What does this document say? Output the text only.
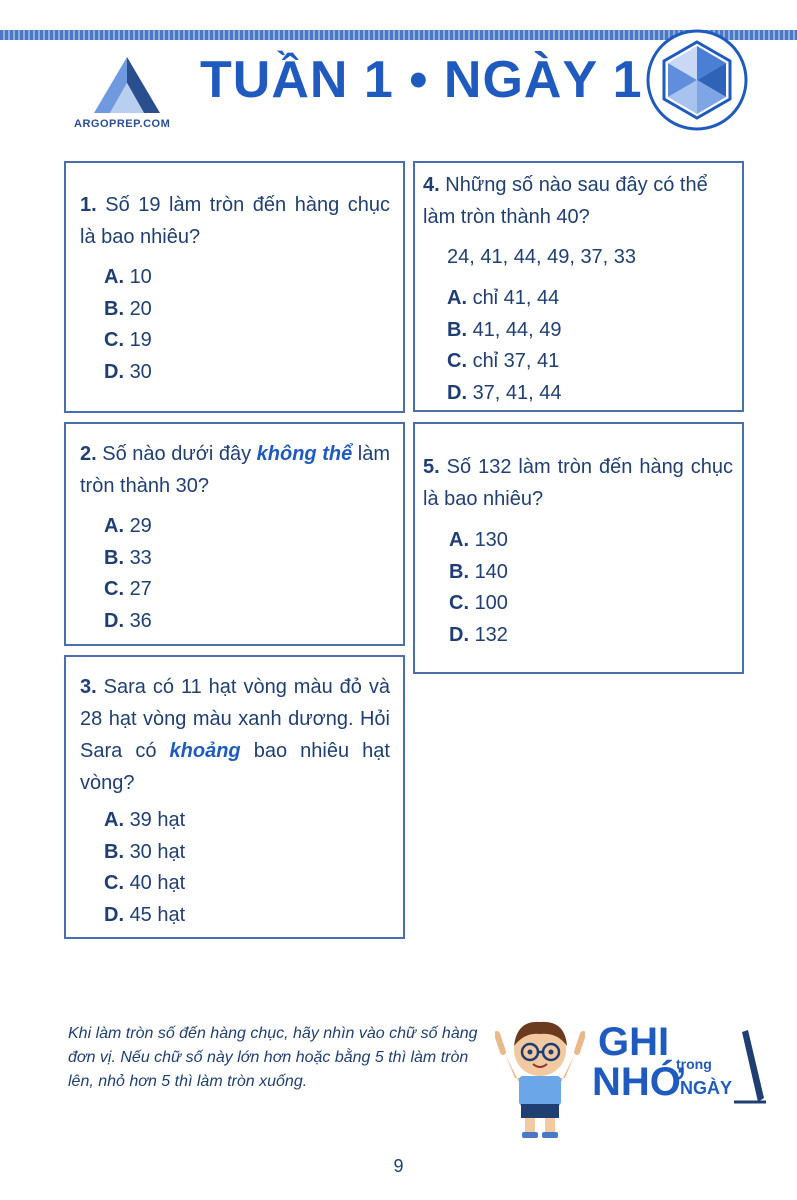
ARGOPREP.COM
TUẦN 1 • NGÀY 1
1. Số 19 làm tròn đến hàng chục là bao nhiêu?
A. 10
B. 20
C. 19
D. 30
2. Số nào dưới đây không thể làm tròn thành 30?
A. 29
B. 33
C. 27
D. 36
3. Sara có 11 hạt vòng màu đỏ và 28 hạt vòng màu xanh dương. Hỏi Sara có khoảng bao nhiêu hạt vòng?
A. 39 hạt
B. 30 hạt
C. 40 hạt
D. 45 hạt
4. Những số nào sau đây có thể làm tròn thành 40?
24, 41, 44, 49, 37, 33
A. chỉ 41, 44
B. 41, 44, 49
C. chỉ 37, 41
D. 37, 41, 44
5. Số 132 làm tròn đến hàng chục là bao nhiêu?
A. 130
B. 140
C. 100
D. 132
Khi làm tròn số đến hàng chục, hãy nhìn vào chữ số hàng đơn vị. Nếu chữ số này lớn hơn hoặc bằng 5 thì làm tròn lên, nhỏ hơn 5 thì làm tròn xuống.
GHI
NHỚ
trong
NGÀY
9
